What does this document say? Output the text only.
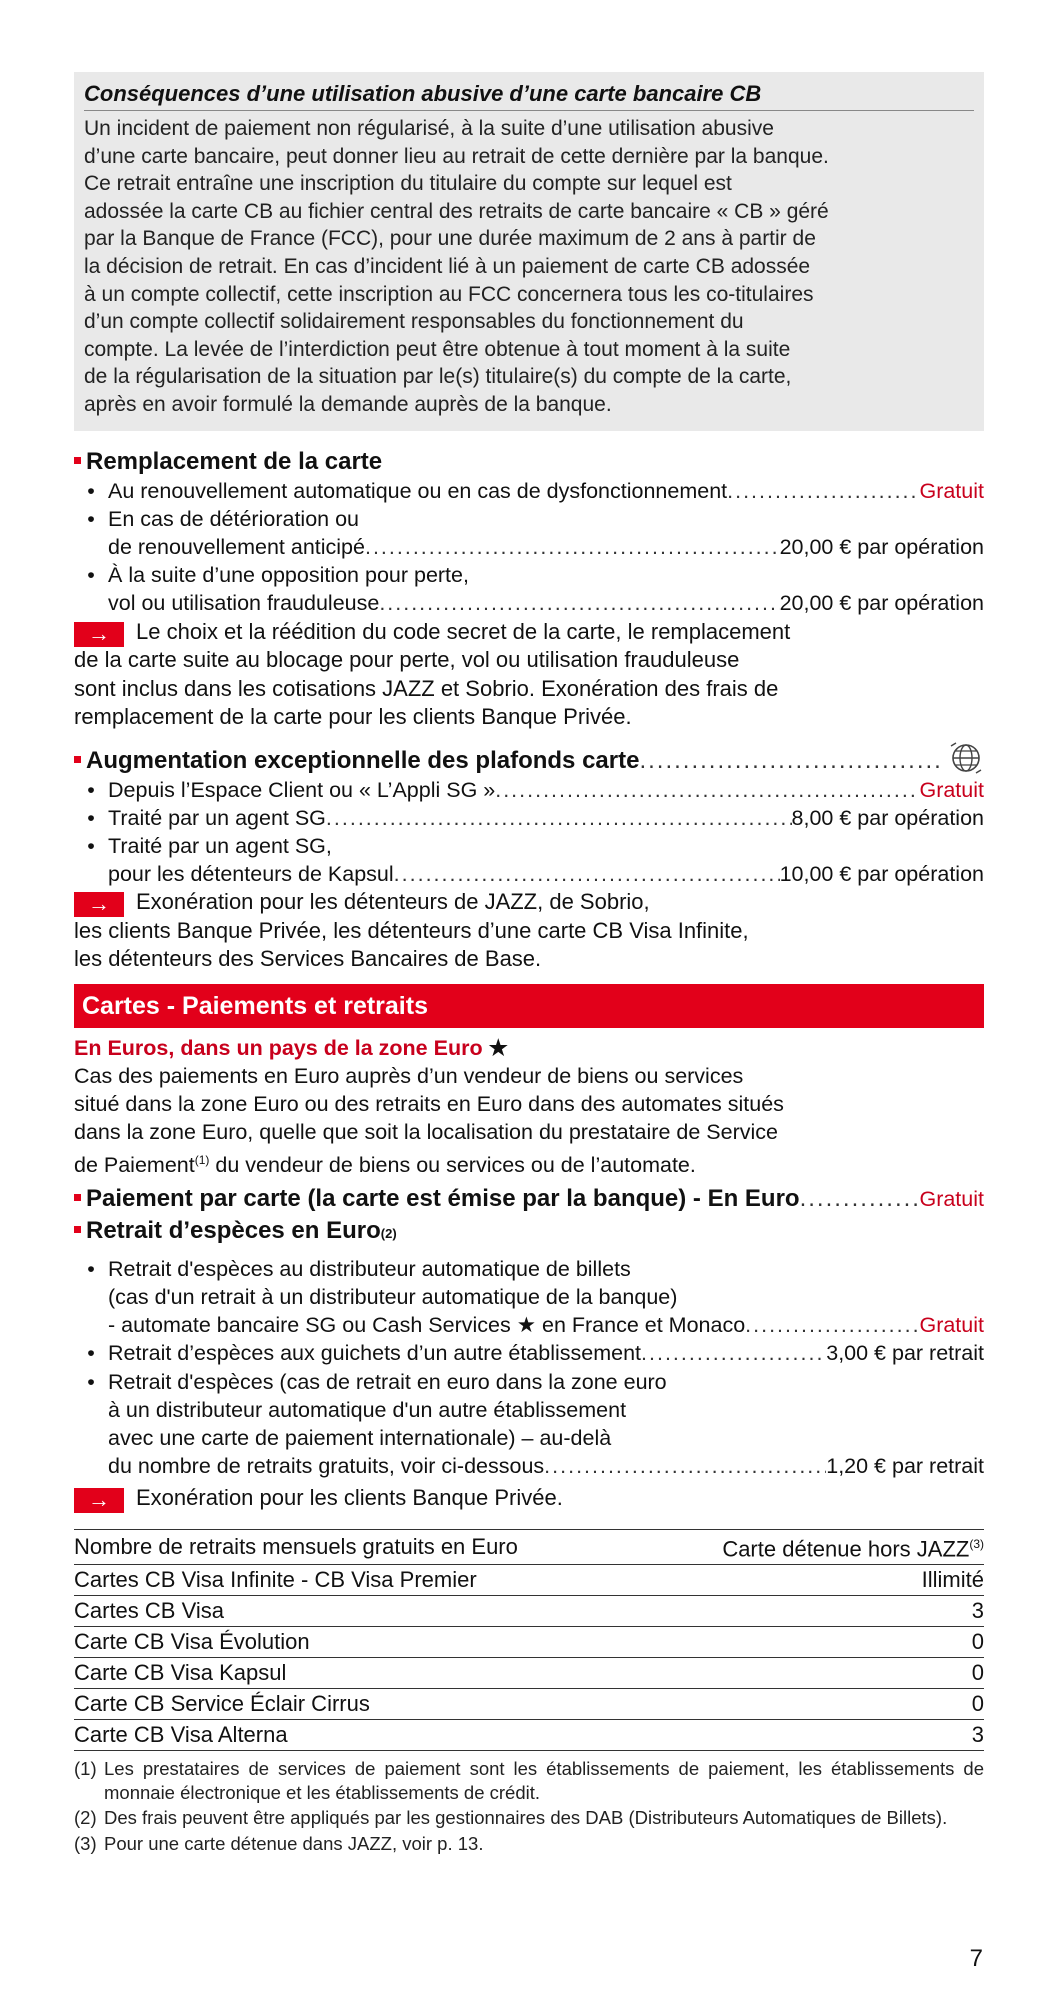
Conséquences d’une utilisation abusive d’une carte bancaire CB
Un incident de paiement non régularisé, à la suite d’une utilisation abusive
d’une carte bancaire, peut donner lieu au retrait de cette dernière par la banque.
Ce retrait entraîne une inscription du titulaire du compte sur lequel est
adossée la carte CB au fichier central des retraits de carte bancaire « CB » géré
par la Banque de France (FCC), pour une durée maximum de 2 ans à partir de
la décision de retrait. En cas d’incident lié à un paiement de carte CB adossée
à un compte collectif, cette inscription au FCC concernera tous les co-titulaires
d’un compte collectif solidairement responsables du fonctionnement du
compte. La levée de l’interdiction peut être obtenue à tout moment à la suite
de la régularisation de la situation par le(s) titulaire(s) du compte de la carte,
après en avoir formulé la demande auprès de la banque.
Remplacement de la carte
• Au renouvellement automatique ou en cas de dysfonctionnement .....	Gratuit
• En cas de détérioration ou
de renouvellement anticipé .....	20,00 € par opération
• À la suite d’une opposition pour perte,
vol ou utilisation frauduleuse .....	20,00 € par opération
→ Le choix et la réédition du code secret de la carte, le remplacement
de la carte suite au blocage pour perte, vol ou utilisation frauduleuse
sont inclus dans les cotisations JAZZ et Sobrio. Exonération des frais de
remplacement de la carte pour les clients Banque Privée.
Augmentation exceptionnelle des plafonds carte
.....
• Depuis l’Espace Client ou « L’Appli SG » .....	Gratuit
• Traité par un agent SG .....	8,00 € par opération
• Traité par un agent SG,
pour les détenteurs de Kapsul .....	10,00 € par opération
→ Exonération pour les détenteurs de JAZZ, de Sobrio,
les clients Banque Privée, les détenteurs d’une carte CB Visa Infinite,
les détenteurs des Services Bancaires de Base.
Cartes - Paiements et retraits
En Euros, dans un pays de la zone Euro ★
Cas des paiements en Euro auprès d’un vendeur de biens ou services
situé dans la zone Euro ou des retraits en Euro dans des automates situés
dans la zone Euro, quelle que soit la localisation du prestataire de Service
de Paiement$^{(1)}$ du vendeur de biens ou services ou de l’automate.
Paiement par carte (la carte est émise par la banque) - En Euro .....	Gratuit
Retrait d’espèces en Euro (2)
• Retrait d'espèces au distributeur automatique de billets
(cas d'un retrait à un distributeur automatique de la banque)
- automate bancaire SG ou Cash Services ★ en France et Monaco .....	Gratuit
• Retrait d’espèces aux guichets d’un autre établissement .....	3,00 € par retrait
• Retrait d'espèces (cas de retrait en euro dans la zone euro
à un distributeur automatique d'un autre établissement
avec une carte de paiement internationale) – au-delà
du nombre de retraits gratuits, voir ci-dessous .....	1,20 € par retrait
→ Exonération pour les clients Banque Privée.
Nombre de retraits mensuels gratuits en Euro	Carte détenue hors JAZZ$^{(3)}$
Cartes CB Visa Infinite - CB Visa Premier	Illimité
Cartes CB Visa	3
Carte CB Visa Évolution	0
Carte CB Visa Kapsul	0
Carte CB Service Éclair Cirrus	0
Carte CB Visa Alterna	3
(1) Les prestataires de services de paiement sont les établissements de paiement, les établissements de monnaie électronique et les établissements de crédit.
(2) Des frais peuvent être appliqués par les gestionnaires des DAB (Distributeurs Automatiques de Billets).
(3) Pour une carte détenue dans JAZZ, voir p. 13.
7
